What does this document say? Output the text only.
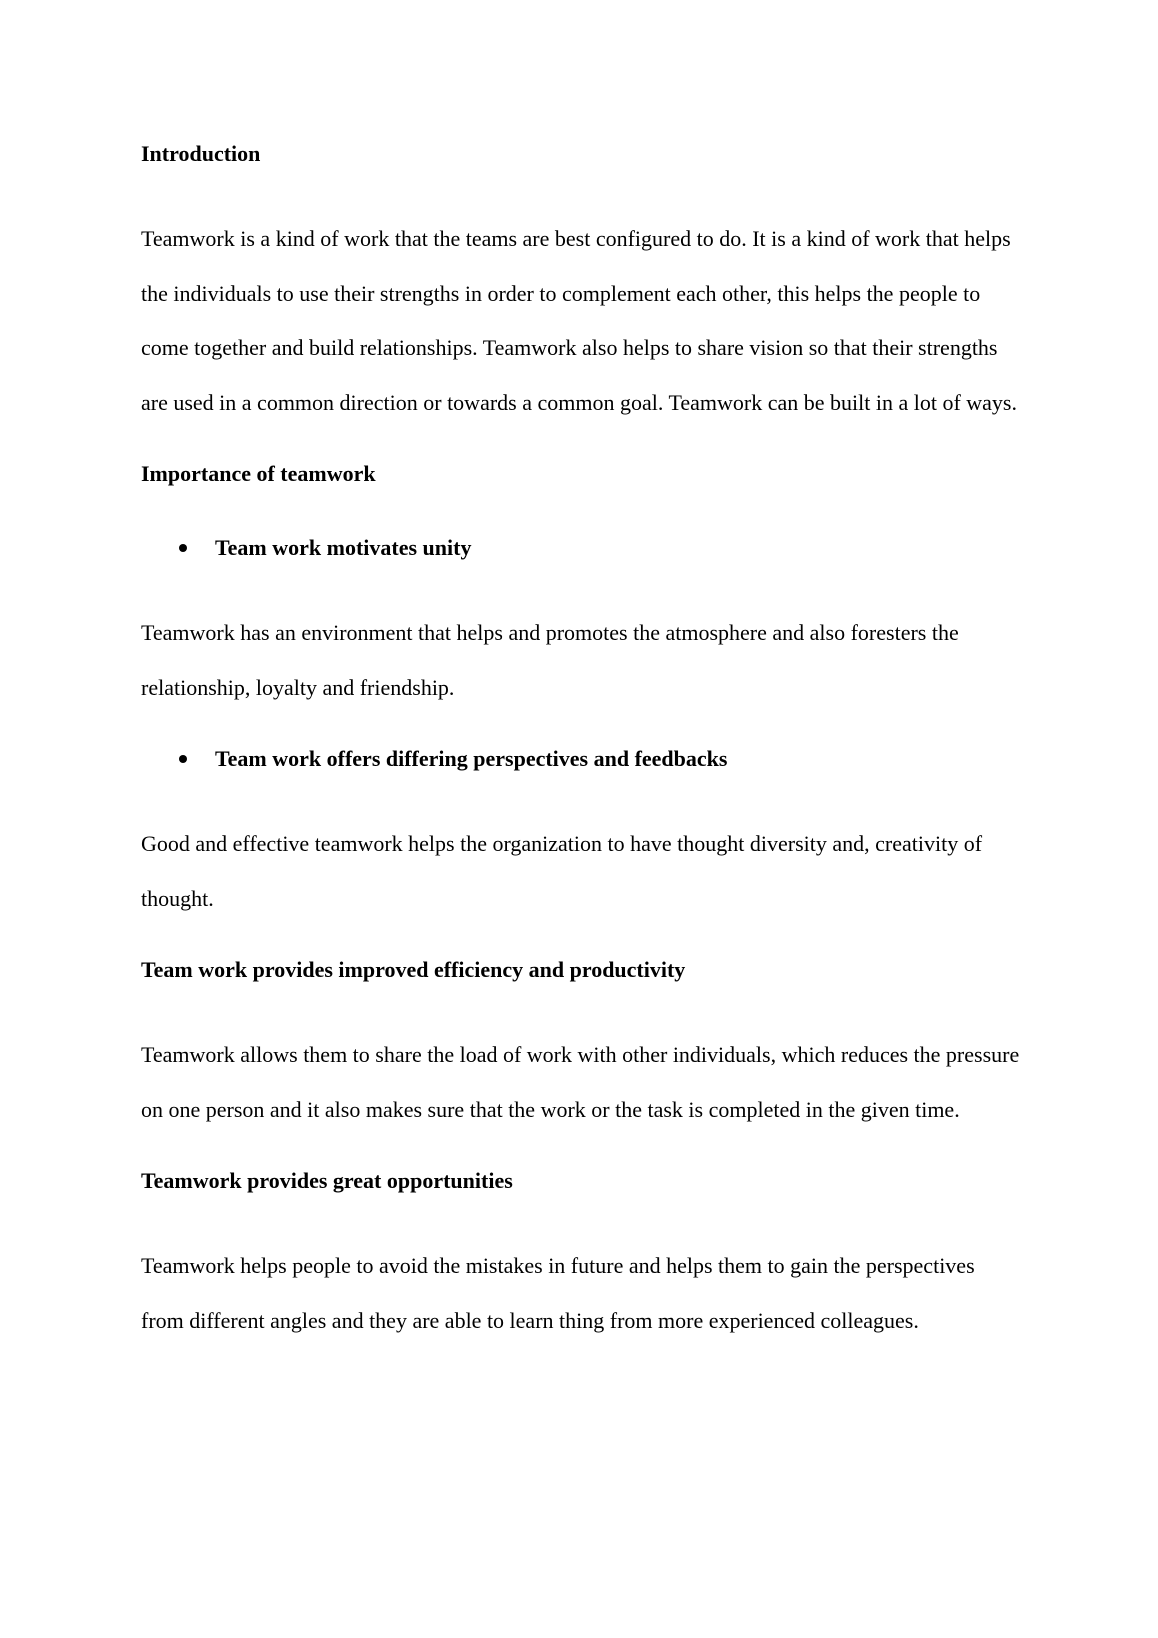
Introduction

Teamwork is a kind of work that the teams are best configured to do. It is a kind of work that helps the individuals to use their strengths in order to complement each other, this helps the people to come together and build relationships. Teamwork also helps to share vision so that their strengths are used in a common direction or towards a common goal. Teamwork can be built in a lot of ways.

Importance of teamwork

Team work motivates unity

Teamwork has an environment that helps and promotes the atmosphere and also foresters the relationship, loyalty and friendship.

Team work offers differing perspectives and feedbacks

Good and effective teamwork helps the organization to have thought diversity and, creativity of thought.

Team work provides improved efficiency and productivity

Teamwork allows them to share the load of work with other individuals, which reduces the pressure on one person and it also makes sure that the work or the task is completed in the given time.

Teamwork provides great opportunities

Teamwork helps people to avoid the mistakes in future and helps them to gain the perspectives from different angles and they are able to learn thing from more experienced colleagues.
